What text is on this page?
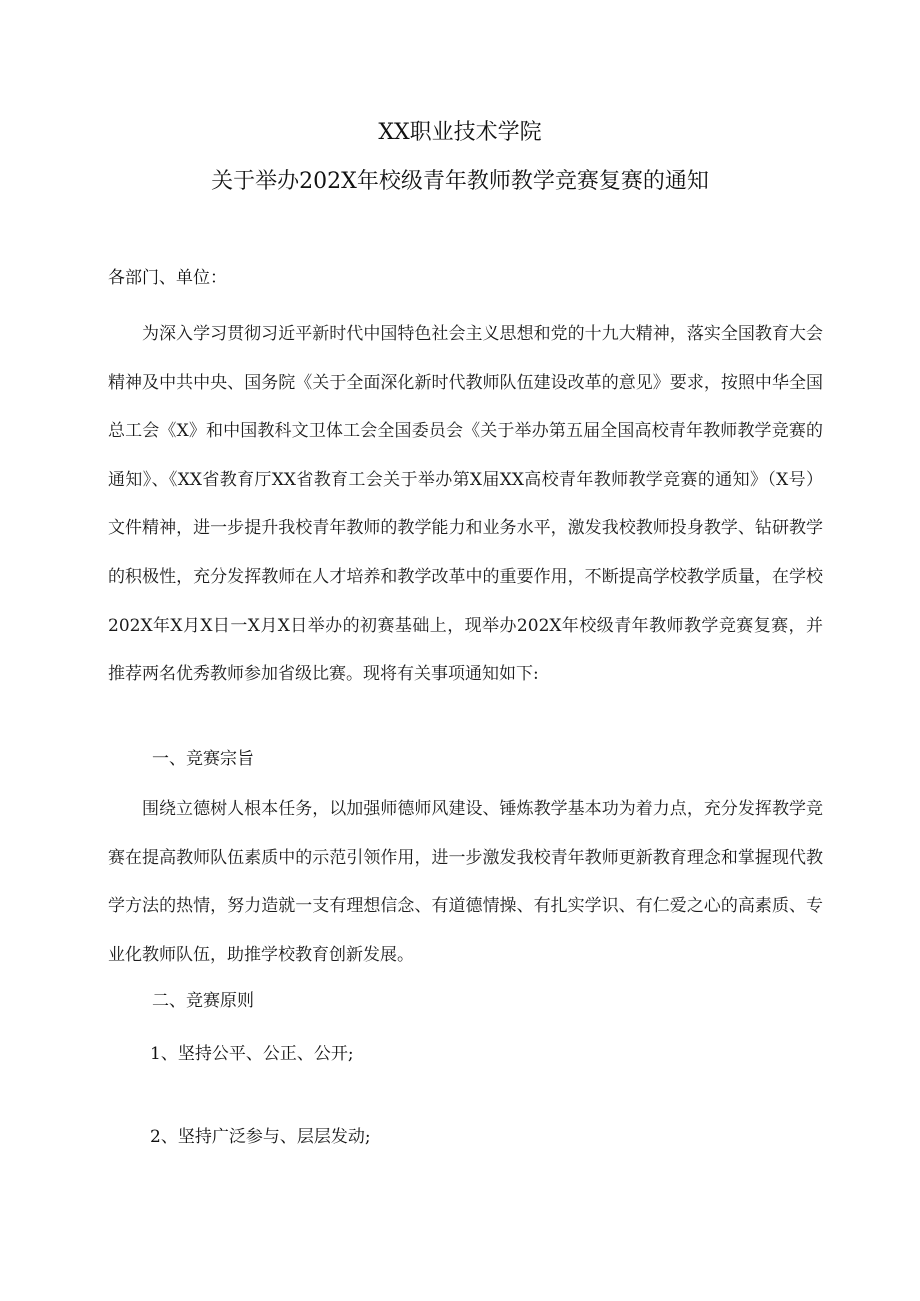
XX职业技术学院
关于举办202X年校级青年教师教学竞赛复赛的通知
各部门、单位：

为深入学习贯彻习近平新时代中国特色社会主义思想和党的十九大精神，落实全国教育大会精神及中共中央、国务院《关于全面深化新时代教师队伍建设改革的意见》要求，按照中华全国总工会《X》和中国教科文卫体工会全国委员会《关于举办第五届全国高校青年教师教学竞赛的通知》、《XX省教育厅XX省教育工会关于举办第X届XX高校青年教师教学竞赛的通知》（X号）文件精神，进一步提升我校青年教师的教学能力和业务水平，激发我校教师投身教学、钻研教学的积极性，充分发挥教师在人才培养和教学改革中的重要作用，不断提高学校教学质量，在学校202X年X月X日一X月X日举办的初赛基础上，现举办202X年校级青年教师教学竞赛复赛，并推荐两名优秀教师参加省级比赛。现将有关事项通知如下:

一、竞赛宗旨

围绕立德树人根本任务，以加强师德师风建设、锤炼教学基本功为着力点，充分发挥教学竞赛在提高教师队伍素质中的示范引领作用，进一步激发我校青年教师更新教育理念和掌握现代教学方法的热情，努力造就一支有理想信念、有道德情操、有扎实学识、有仁爱之心的高素质、专业化教师队伍，助推学校教育创新发展。

二、竞赛原则
1、坚持公平、公正、公开;
2、坚持广泛参与、层层发动;
